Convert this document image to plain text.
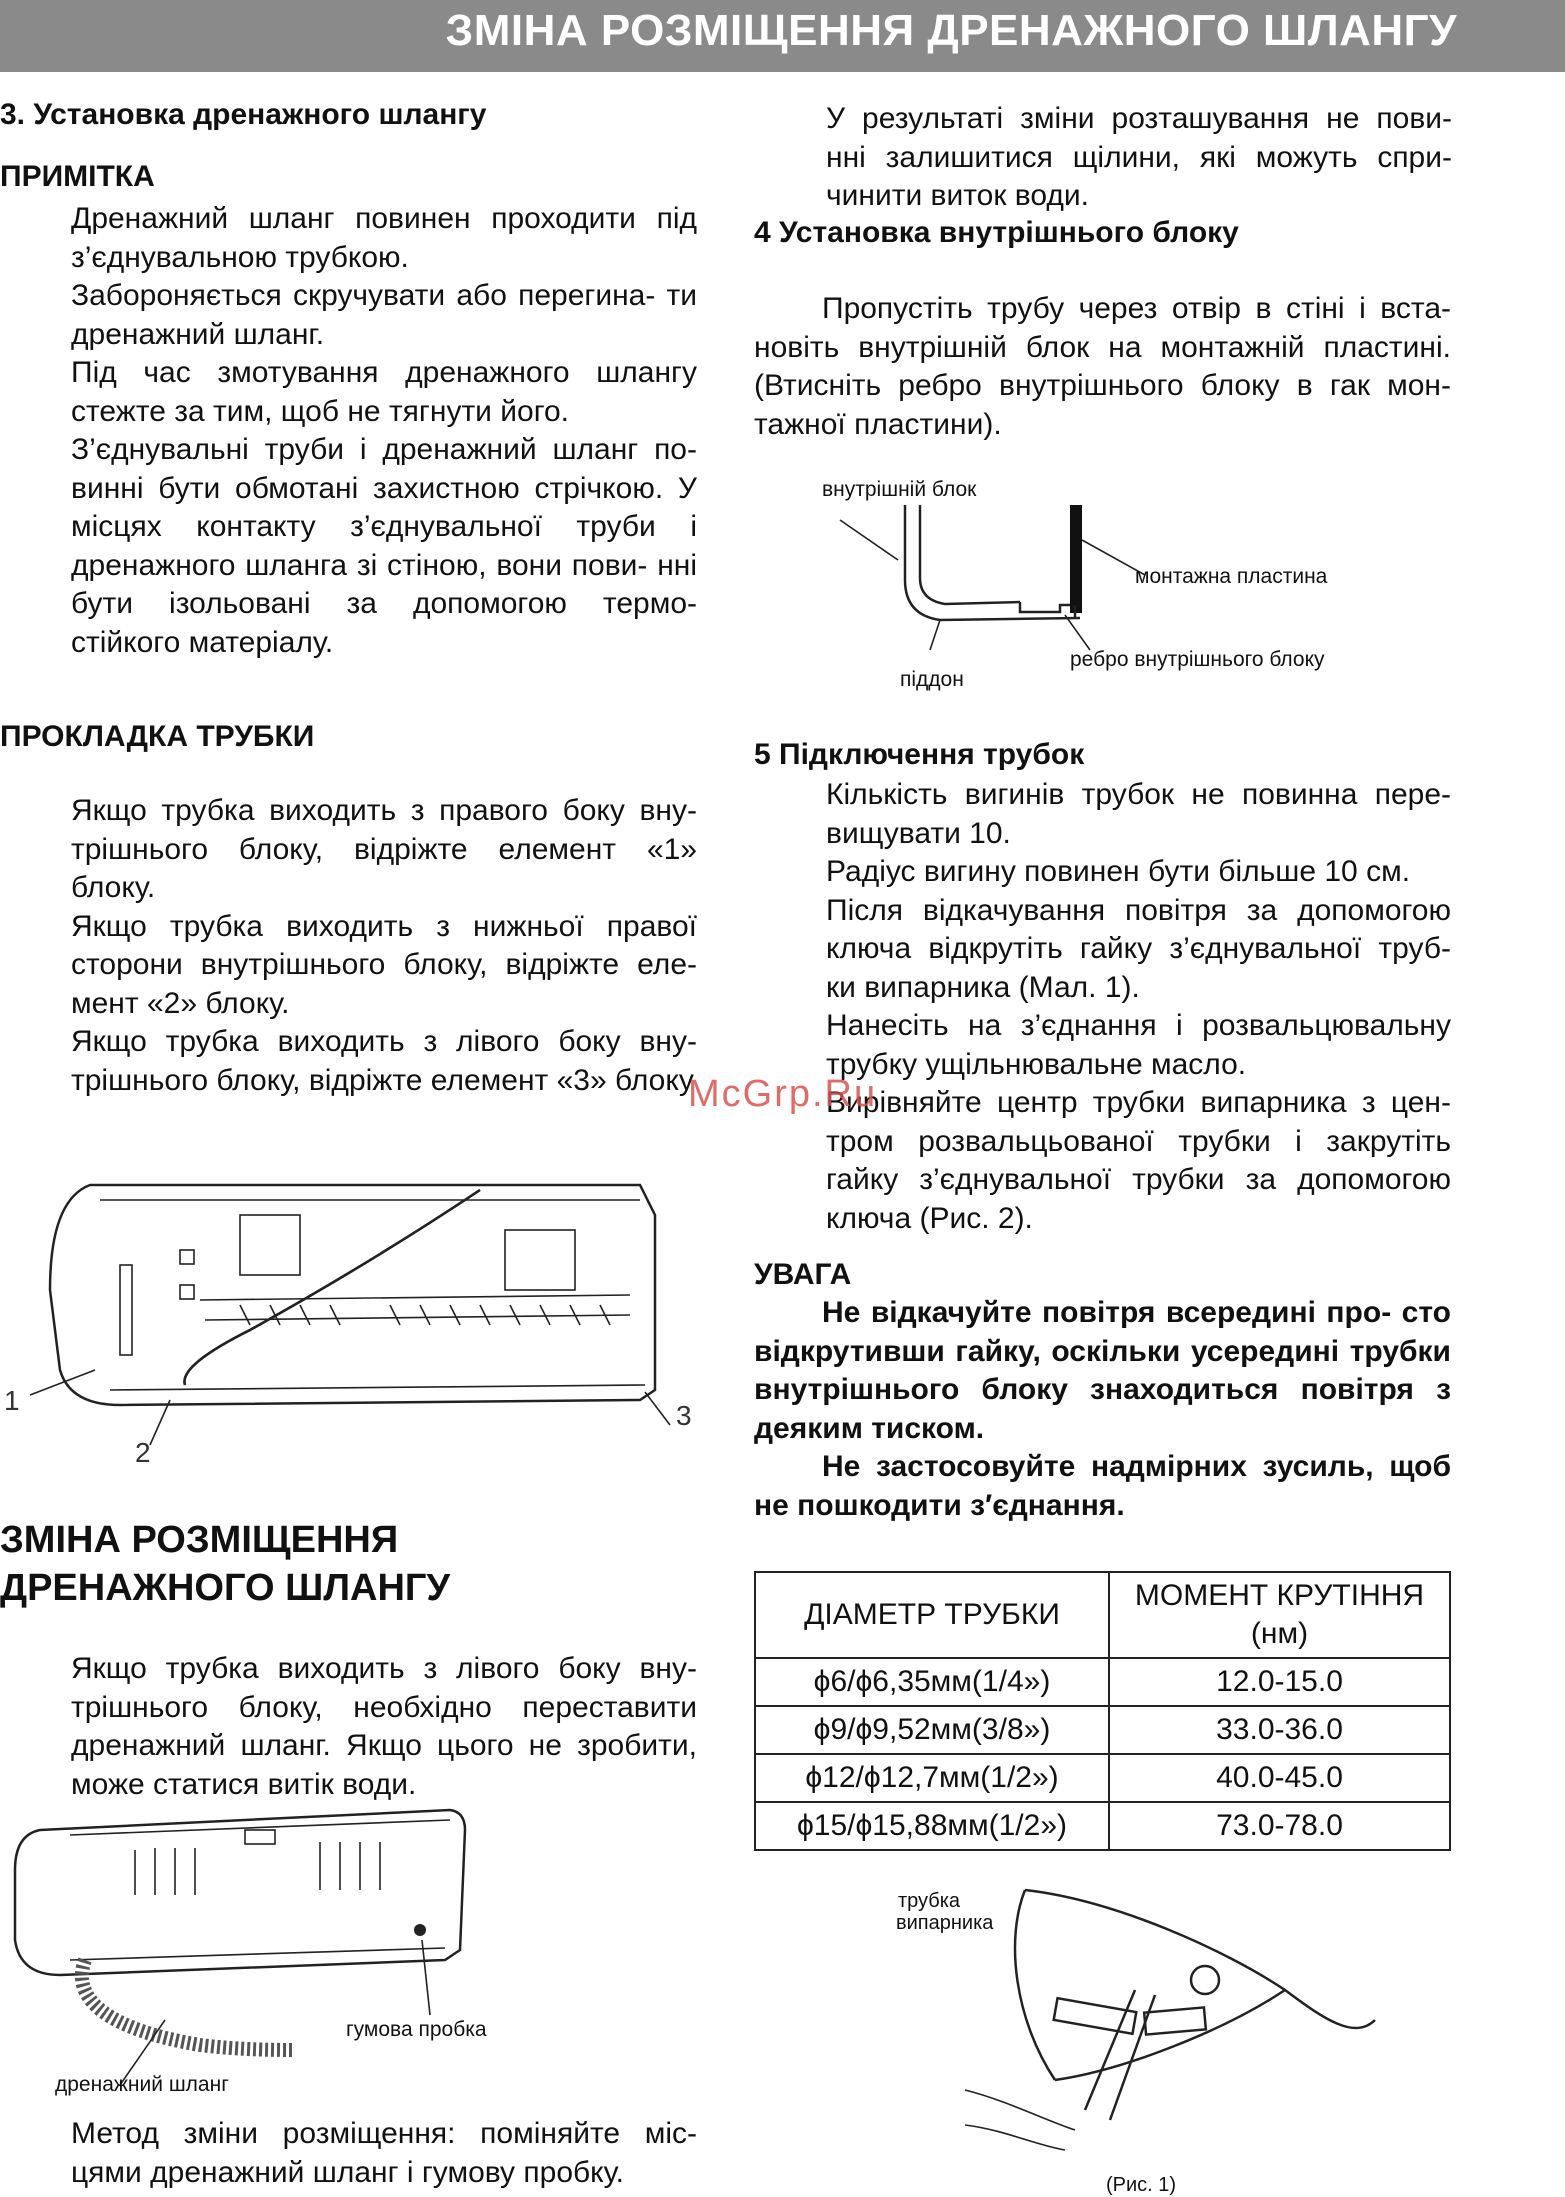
ЗМІНА РОЗМІЩЕННЯ ДРЕНАЖНОГО ШЛАНГУ

3. Установка дренажного шлангу

ПРИМІТКА

Дренажний шланг повинен проходити під з’єднувальною трубкою.

Забороняється скручувати або перегина- ти дренажний шланг.

Під час змотування дренажного шлангу стежте за тим, щоб не тягнути його.

З’єднувальні труби і дренажний шланг по- винні бути обмотані захистною стрічкою. У місцях контакту з’єднувальної труби і дренажного шланга зі стіною, вони пови- нні бути ізольовані за допомогою термо- стійкого матеріалу.

ПРОКЛАДКА ТРУБКИ

Якщо трубка виходить з правого боку вну- трішнього блоку, відріжте елемент «1» блоку.

Якщо трубка виходить з нижньої правої сторони внутрішнього блоку, відріжте еле- мент «2» блоку.

Якщо трубка виходить з лівого боку вну- трішнього блоку, відріжте елемент «3» блоку

1
2
3

ЗМІНА РОЗМІЩЕННЯ

ДРЕНАЖНОГО ШЛАНГУ

Якщо трубка виходить з лівого боку вну- трішнього блоку, необхідно переставити дренажний шланг. Якщо цього не зробити, може статися витік води.

гумова пробка
дренажний шланг

Метод зміни розміщення: поміняйте міс- цями дренажний шланг і гумову пробку.

У результаті зміни розташування не пови- нні залишитися щілини, які можуть спри- чинити виток води.

4 Установка внутрішнього блоку

Пропустіть трубу через отвір в стіні і вста- новіть внутрішній блок на монтажній пластині. (Втисніть ребро внутрішнього блоку в гак мон- тажної пластини).

внутрішній блок
монтажна пластина
ребро внутрішнього блоку
піддон

5 Підключення трубок

Кількість вигинів трубок не повинна пере- вищувати 10.

Радіус вигину повинен бути більше 10 см.

Після відкачування повітря за допомогою ключа відкрутіть гайку з’єднувальної труб- ки випарника (Мал. 1).

Нанесіть на з’єднання і розвальцювальну трубку ущільнювальне масло.

Вирівняйте центр трубки випарника з цен- тром розвальцьованої трубки і закрутіть гайку з’єднувальної трубки за допомогою ключа (Рис. 2).

УВАГА

Не відкачуйте повітря всередині про- сто відкрутивши гайку, оскільки усередині трубки внутрішнього блоку знаходиться повітря з деяким тиском.

Не застосовуйте надмірних зусиль, щоб не пошкодити з′єднання.

ДІАМЕТР ТРУБКИ	МОМЕНТ КРУТІННЯ (нм)
ϕ6/ϕ6,35мм(1/4»)	12.0-15.0
ϕ9/ϕ9,52мм(3/8»)	33.0-36.0
ϕ12/ϕ12,7мм(1/2»)	40.0-45.0
ϕ15/ϕ15,88мм(1/2»)	73.0-78.0
трубка
випарника
(Рис. 1)
McGrp.Ru
